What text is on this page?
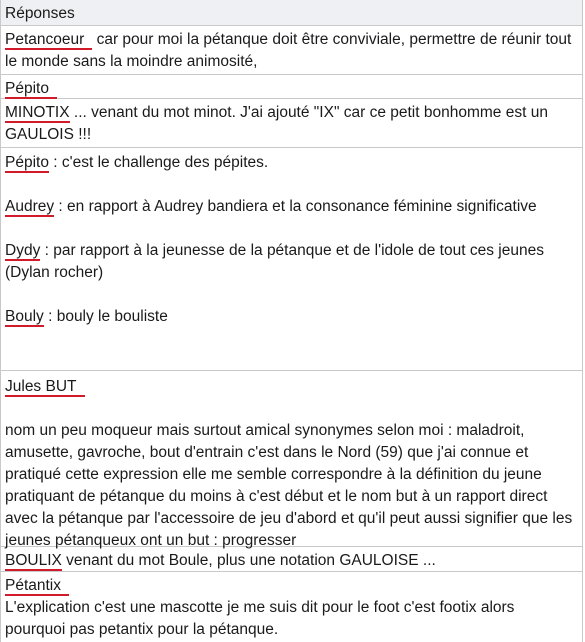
Réponses

Petancoeur car pour moi la pétanque doit être conviviale, permettre de réunir tout le monde sans la moindre animosité,

Pépito

MINOTIX ... venant du mot minot. J'ai ajouté "IX" car ce petit bonhomme est un GAULOIS !!!

Pépito : c'est le challenge des pépites.

Audrey : en rapport à Audrey bandiera et la consonance féminine significative

Dydy : par rapport à la jeunesse de la pétanque et de l'idole de tout ces jeunes (Dylan rocher)

Bouly : bouly le bouliste

Jules BUT

nom un peu moqueur mais surtout amical synonymes selon moi : maladroit, amusette, gavroche, bout d'entrain c'est dans le Nord (59) que j'ai connue et pratiqué cette expression elle me semble correspondre à la définition du jeune pratiquant de pétanque du moins à c'est début et le nom but à un rapport direct avec la pétanque par l'accessoire de jeu d'abord et qu'il peut aussi signifier que les jeunes pétanqueux ont un but : progresser

BOULIX venant du mot Boule, plus une notation GAULOISE ...

Pétantix

L'explication c'est une mascotte je me suis dit pour le foot c'est footix alors pourquoi pas petantix pour la pétanque.
